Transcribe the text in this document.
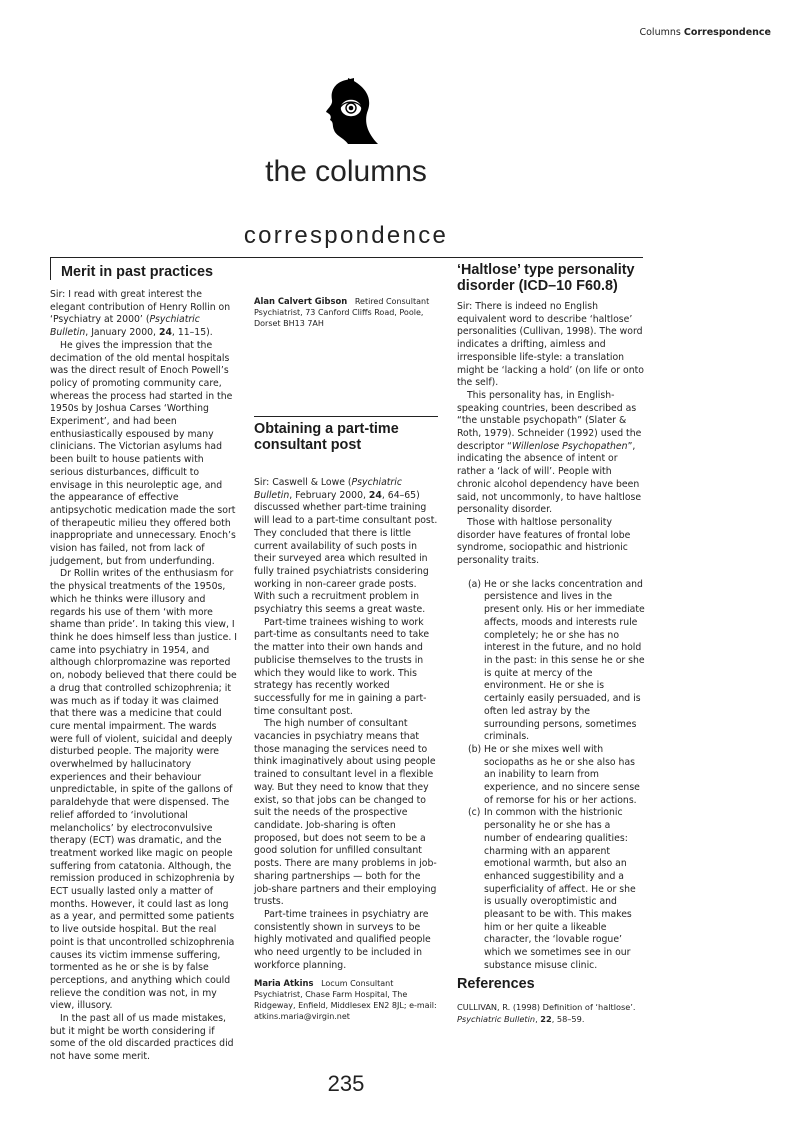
Columns Correspondence
the columns
correspondence
Merit in past practices

Sir: I read with great interest the elegant contribution of Henry Rollin on ‘Psychiatry at 2000’ (Psychiatric Bulletin, January 2000, 24, 11–15).

He gives the impression that the decimation of the old mental hospitals was the direct result of Enoch Powell’s policy of promoting community care, whereas the process had started in the 1950s by Joshua Carses ‘Worthing Experiment’, and had been enthusiastically espoused by many clinicians. The Victorian asylums had been built to house patients with serious disturbances, difficult to envisage in this neuroleptic age, and the appearance of effective antipsychotic medication made the sort of therapeutic milieu they offered both inappropriate and unnecessary. Enoch’s vision has failed, not from lack of judgement, but from underfunding.

Dr Rollin writes of the enthusiasm for the physical treatments of the 1950s, which he thinks were illusory and regards his use of them ‘with more shame than pride’. In taking this view, I think he does himself less than justice. I came into psychiatry in 1954, and although chlorpromazine was reported on, nobody believed that there could be a drug that controlled schizophrenia; it was much as if today it was claimed that there was a medicine that could cure mental impairment. The wards were full of violent, suicidal and deeply disturbed people. The majority were overwhelmed by hallucinatory experiences and their behaviour unpredictable, in spite of the gallons of paraldehyde that were dispensed. The relief afforded to ‘involutional melancholics’ by electroconvulsive therapy (ECT) was dramatic, and the treatment worked like magic on people suffering from catatonia. Although, the remission produced in schizophrenia by ECT usually lasted only a matter of months. However, it could last as long as a year, and permitted some patients to live outside hospital. But the real point is that uncontrolled schizophrenia causes its victim immense suffering, tormented as he or she is by false perceptions, and anything which could relieve the condition was not, in my view, illusory.

In the past all of us made mistakes, but it might be worth considering if some of the old discarded practices did not have some merit.

Alan Calvert Gibson Retired Consultant Psychiatrist, 73 Canford Cliffs Road, Poole, Dorset BH13 7AH
Obtaining a part-time consultant post

Sir: Caswell & Lowe (Psychiatric Bulletin, February 2000, 24, 64–65) discussed whether part-time training will lead to a part-time consultant post. They concluded that there is little current availability of such posts in their surveyed area which resulted in fully trained psychiatrists considering working in non-career grade posts. With such a recruitment problem in psychiatry this seems a great waste.

Part-time trainees wishing to work part-time as consultants need to take the matter into their own hands and publicise themselves to the trusts in which they would like to work. This strategy has recently worked successfully for me in gaining a part-time consultant post.

The high number of consultant vacancies in psychiatry means that those managing the services need to think imaginatively about using people trained to consultant level in a flexible way. But they need to know that they exist, so that jobs can be changed to suit the needs of the prospective candidate. Job-sharing is often proposed, but does not seem to be a good solution for unfilled consultant posts. There are many problems in job-sharing partnerships — both for the job-share partners and their employing trusts.

Part-time trainees in psychiatry are consistently shown in surveys to be highly motivated and qualified people who need urgently to be included in workforce planning.

Maria Atkins Locum Consultant Psychiatrist, Chase Farm Hospital, The Ridgeway, Enfield, Middlesex EN2 8JL; e-mail: atkins.maria@virgin.net
‘Haltlose’ type personality disorder (ICD–10 F60.8)

Sir: There is indeed no English equivalent word to describe ‘haltlose’ personalities (Cullivan, 1998). The word indicates a drifting, aimless and irresponsible life-style: a translation might be ‘lacking a hold’ (on life or onto the self).

This personality has, in English-speaking countries, been described as “the unstable psychopath” (Slater & Roth, 1979). Schneider (1992) used the descriptor “Willenlose Psychopathen”, indicating the absence of intent or rather a ‘lack of will’. People with chronic alcohol dependency have been said, not uncommonly, to have haltlose personality disorder.

Those with haltlose personality disorder have features of frontal lobe syndrome, sociopathic and histrionic personality traits.

(a) He or she lacks concentration and persistence and lives in the present only. His or her immediate affects, moods and interests rule completely; he or she has no interest in the future, and no hold in the past: in this sense he or she is quite at mercy of the environment. He or she is certainly easily persuaded, and is often led astray by the surrounding persons, sometimes criminals.
(b) He or she mixes well with sociopaths as he or she also has an inability to learn from experience, and no sincere sense of remorse for his or her actions.
(c) In common with the histrionic personality he or she has a number of endearing qualities: charming with an apparent emotional warmth, but also an enhanced suggestibility and a superficiality of affect. He or she is usually overoptimistic and pleasant to be with. This makes him or her quite a likeable character, the ‘lovable rogue’ which we sometimes see in our substance misuse clinic.
References
CULLIVAN, R. (1998) Definition of ‘haltlose’.
Psychiatric Bulletin, 22, 58–59.
235
